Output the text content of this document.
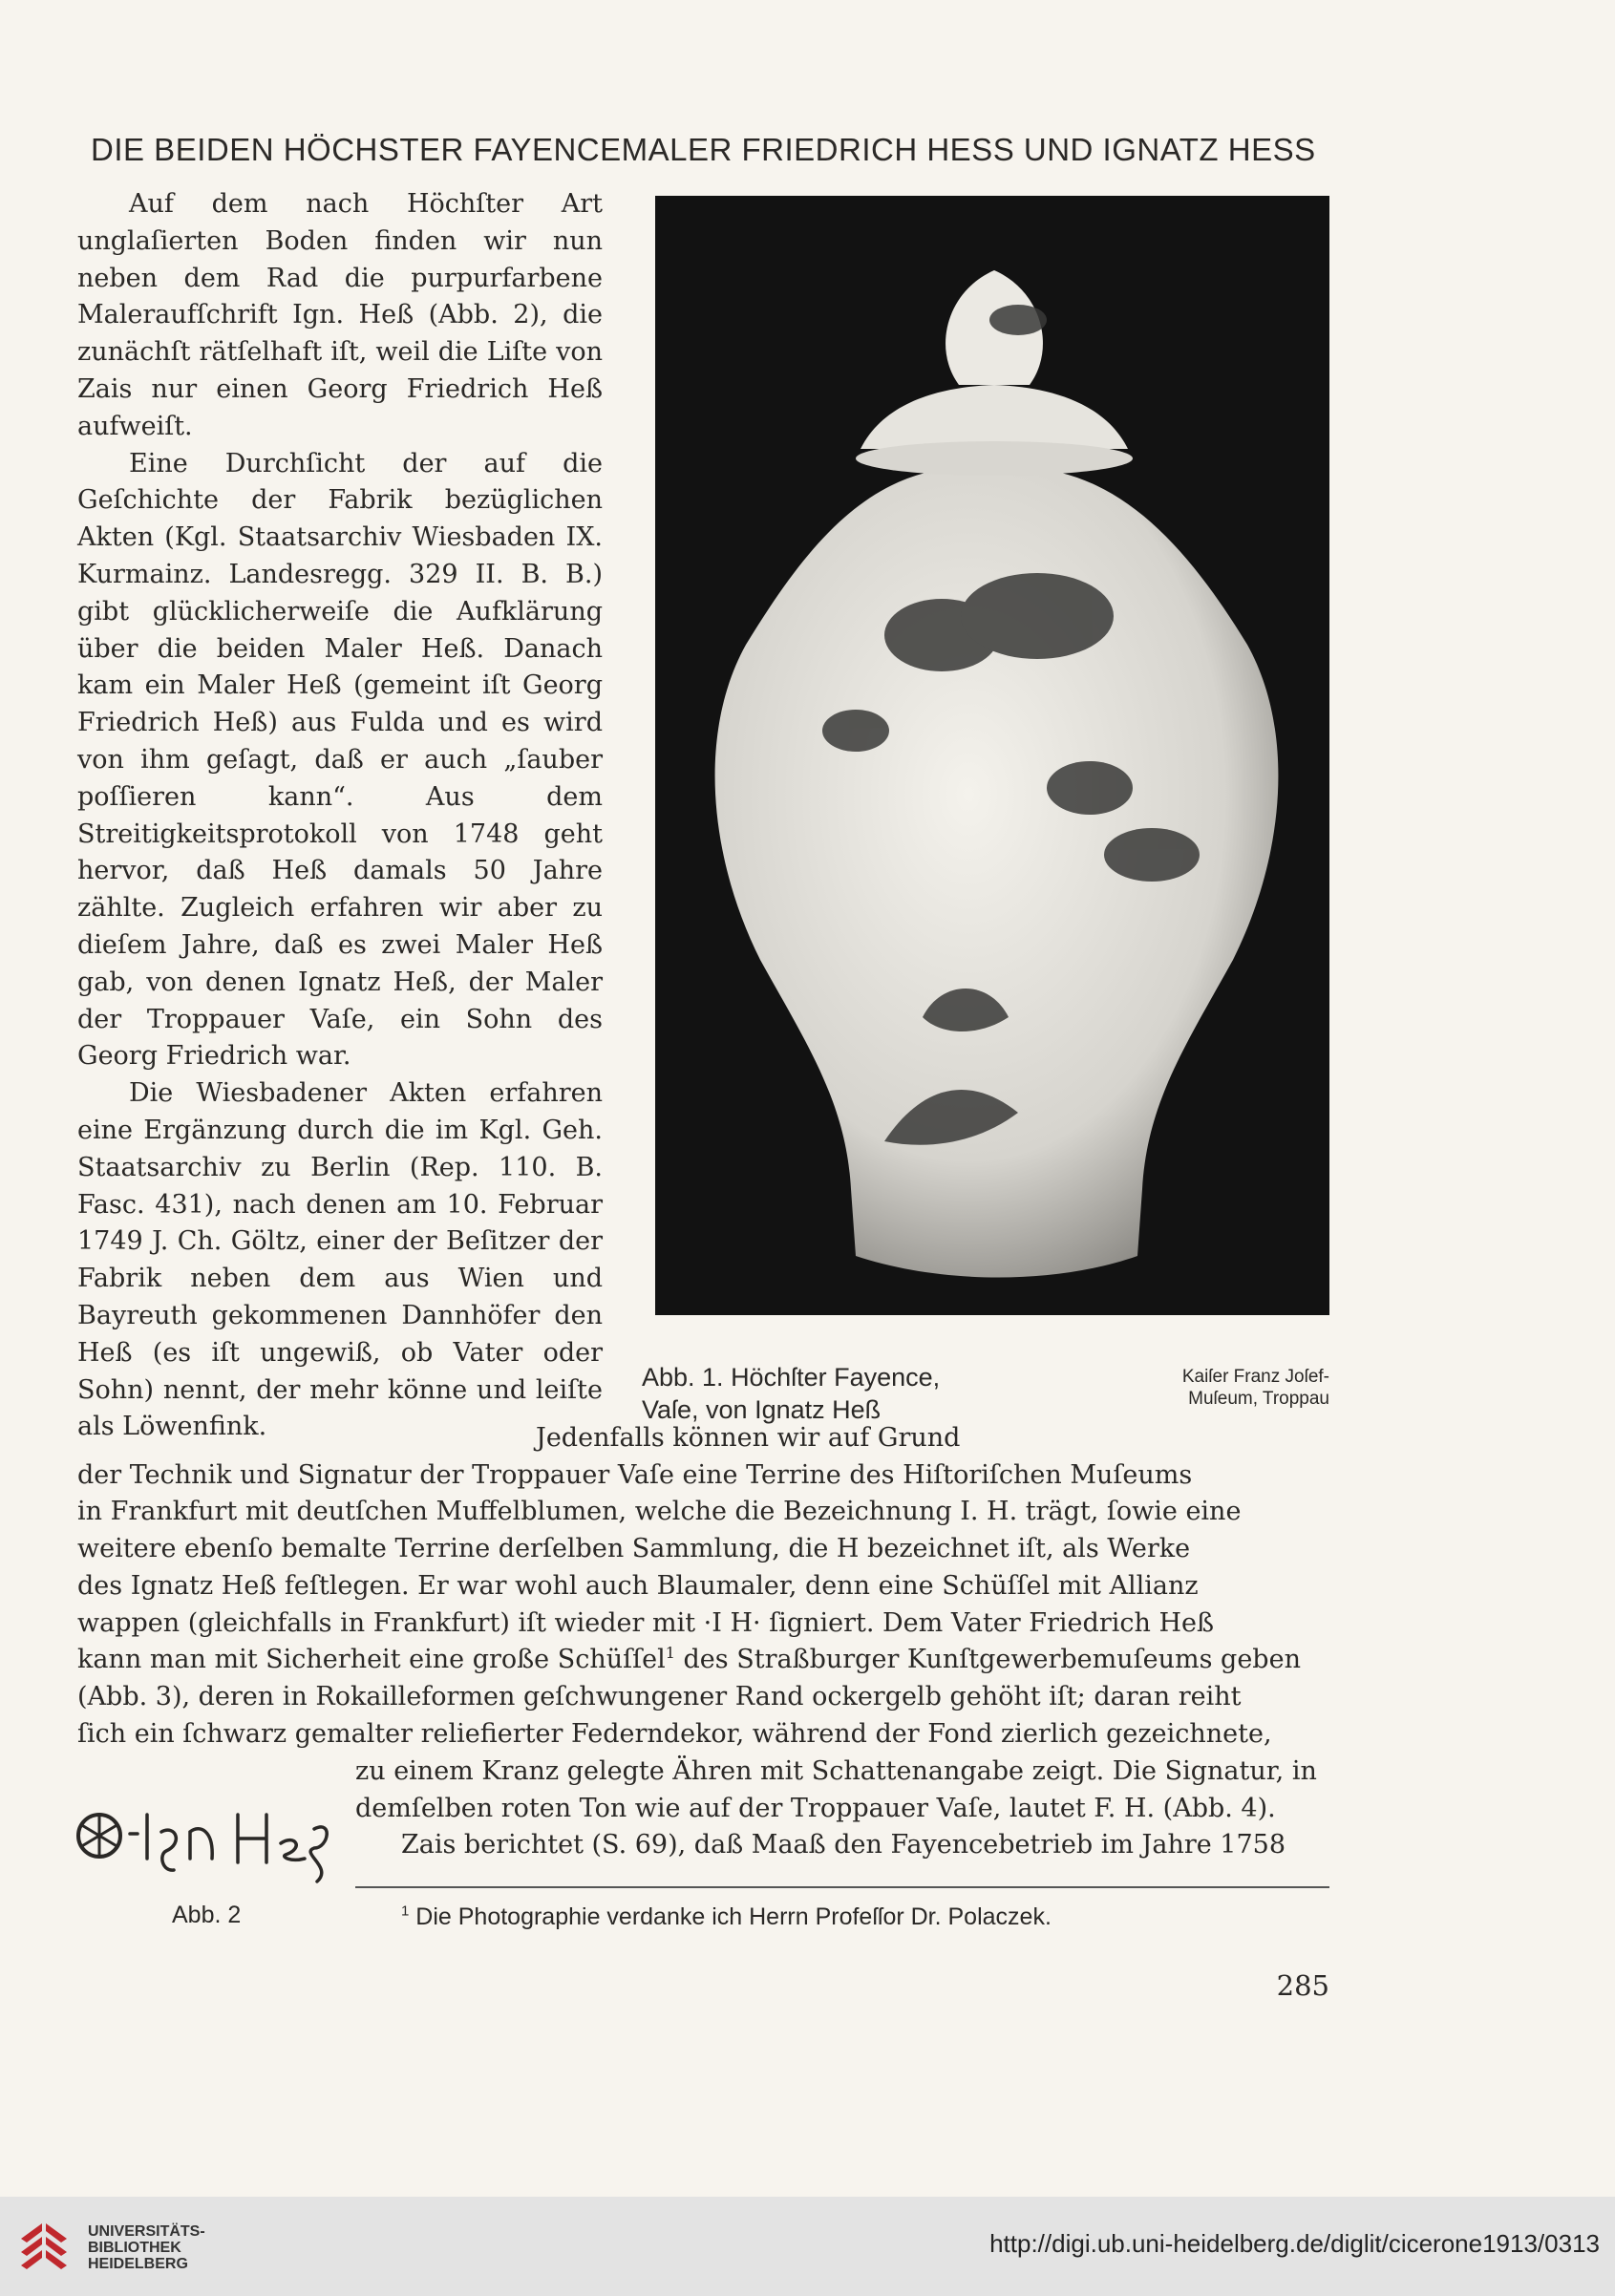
DIE BEIDEN HÖCHSTER FAYENCEMALER FRIEDRICH HESS UND IGNATZ HESS

Auf dem nach Höchſter Art unglaſierten Boden finden wir nun neben dem Rad die purpurfarbene Maleraufſchrift Ign. Heß (Abb. 2), die zunächſt rätſelhaft iſt, weil die Liſte von Zais nur einen Georg Friedrich Heß aufweiſt.

Eine Durchſicht der auf die Geſchichte der Fabrik bezüglichen Akten (Kgl. Staatsarchiv Wiesbaden IX. Kurmainz. Landesregg. 329 II. B. B.) gibt glücklicherweiſe die Aufklärung über die beiden Maler Heß. Danach kam ein Maler Heß (gemeint iſt Georg Friedrich Heß) aus Fulda und es wird von ihm geſagt, daß er auch „ſauber poſſieren kann“. Aus dem Streitigkeitsprotokoll von 1748 geht hervor, daß Heß damals 50 Jahre zählte. Zugleich erfahren wir aber zu dieſem Jahre, daß es zwei Maler Heß gab, von denen Ignatz Heß, der Maler der Troppauer Vaſe, ein Sohn des Georg Friedrich war.

Die Wiesbadener Akten erfahren eine Ergänzung durch die im Kgl. Geh. Staatsarchiv zu Berlin (Rep. 110. B. Fasc. 431), nach denen am 10. Februar 1749 J. Ch. Göltz, einer der Beſitzer der Fabrik neben dem aus Wien und Bayreuth gekommenen Dannhöfer den Heß (es iſt ungewiß, ob Vater oder Sohn) nennt, der mehr könne und leiſte als Löwenfink.

Abb. 1. Höchſter Fayence,
Vaſe, von Ignatz Heß
Kaiſer Franz Joſef-
Muſeum, Troppau

Jedenfalls können wir auf Grund

der Technik und Signatur der Troppauer Vaſe eine Terrine des Hiſtoriſchen Muſeums

in Frankfurt mit deutſchen Muffelblumen, welche die Bezeichnung I. H. trägt, ſowie eine

weitere ebenſo bemalte Terrine derſelben Sammlung, die H bezeichnet iſt, als Werke

des Ignatz Heß feſtlegen. Er war wohl auch Blaumaler, denn eine Schüſſel mit Allianz

wappen (gleichfalls in Frankfurt) iſt wieder mit ·I H· ſigniert. Dem Vater Friedrich Heß

kann man mit Sicherheit eine große Schüſſel$^1$ des Straßburger Kunſtgewerbemuſeums geben

(Abb. 3), deren in Rokailleformen geſchwungener Rand ockergelb gehöht iſt; daran reiht

ſich ein ſchwarz gemalter reliefierter Federndekor, während der Fond zierlich gezeichnete,

zu einem Kranz gelegte Ähren mit Schattenangabe zeigt. Die Signatur, in

demſelben roten Ton wie auf der Troppauer Vaſe, lautet F. H. (Abb. 4).

Zais berichtet (S. 69), daß Maaß den Fayencebetrieb im Jahre 1758

Abb. 2	$^1$ Die Photographie verdanke ich Herrn Profeſſor Dr. Polaczek.
285
UNIVERSITÄTS-
BIBLIOTHEK
HEIDELBERG
http://digi.ub.uni-heidelberg.de/diglit/cicerone1913/0313
